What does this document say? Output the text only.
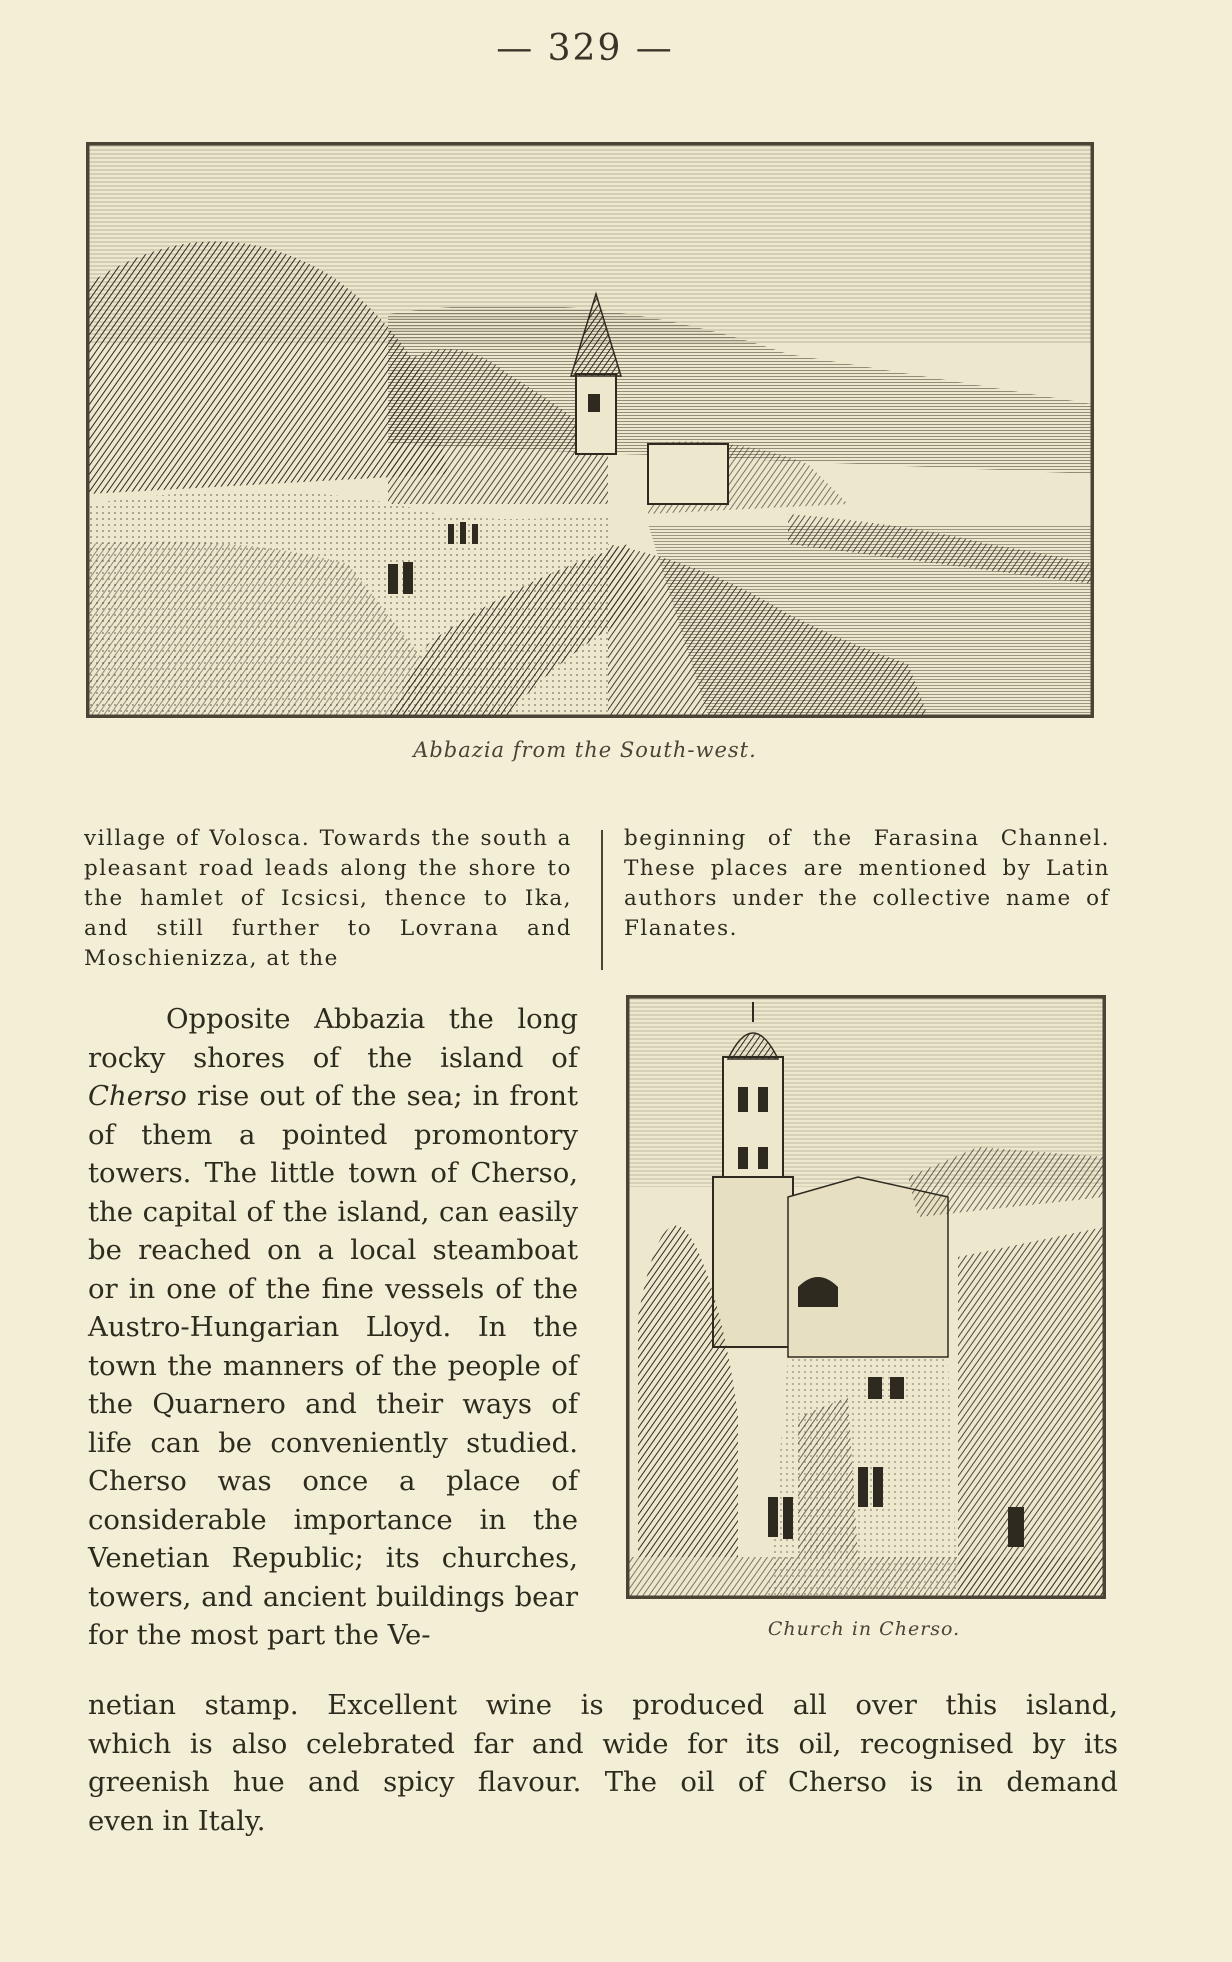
— 329 —
Abbazia from the South-west.
village of Volosca. Towards the south a pleasant road leads along the shore to the hamlet of Icsicsi, thence to Ika, and still further to Lovrana and Moschienizza, at the
beginning of the Farasina Channel. These places are mentioned by Latin authors under the collective name of Flanates.

Opposite Abbazia the long rocky shores of the island of Cherso rise out of the sea; in front of them a pointed promontory towers. The little town of Cherso, the capital of the island, can easily be reached on a local steamboat or in one of the fine vessels of the Austro-Hungarian Lloyd. In the town the manners of the people of the Quarnero and their ways of life can be conveniently studied. Cherso was once a place of considerable importance in the Venetian Republic; its churches, towers, and ancient buildings bear for the most part the Ve-	Church in Cherso.
netian stamp. Excellent wine is produced all over this island,
which is also celebrated far and wide for its oil, recognised by its
greenish hue and spicy flavour. The oil of Cherso is in demand
even in Italy.
